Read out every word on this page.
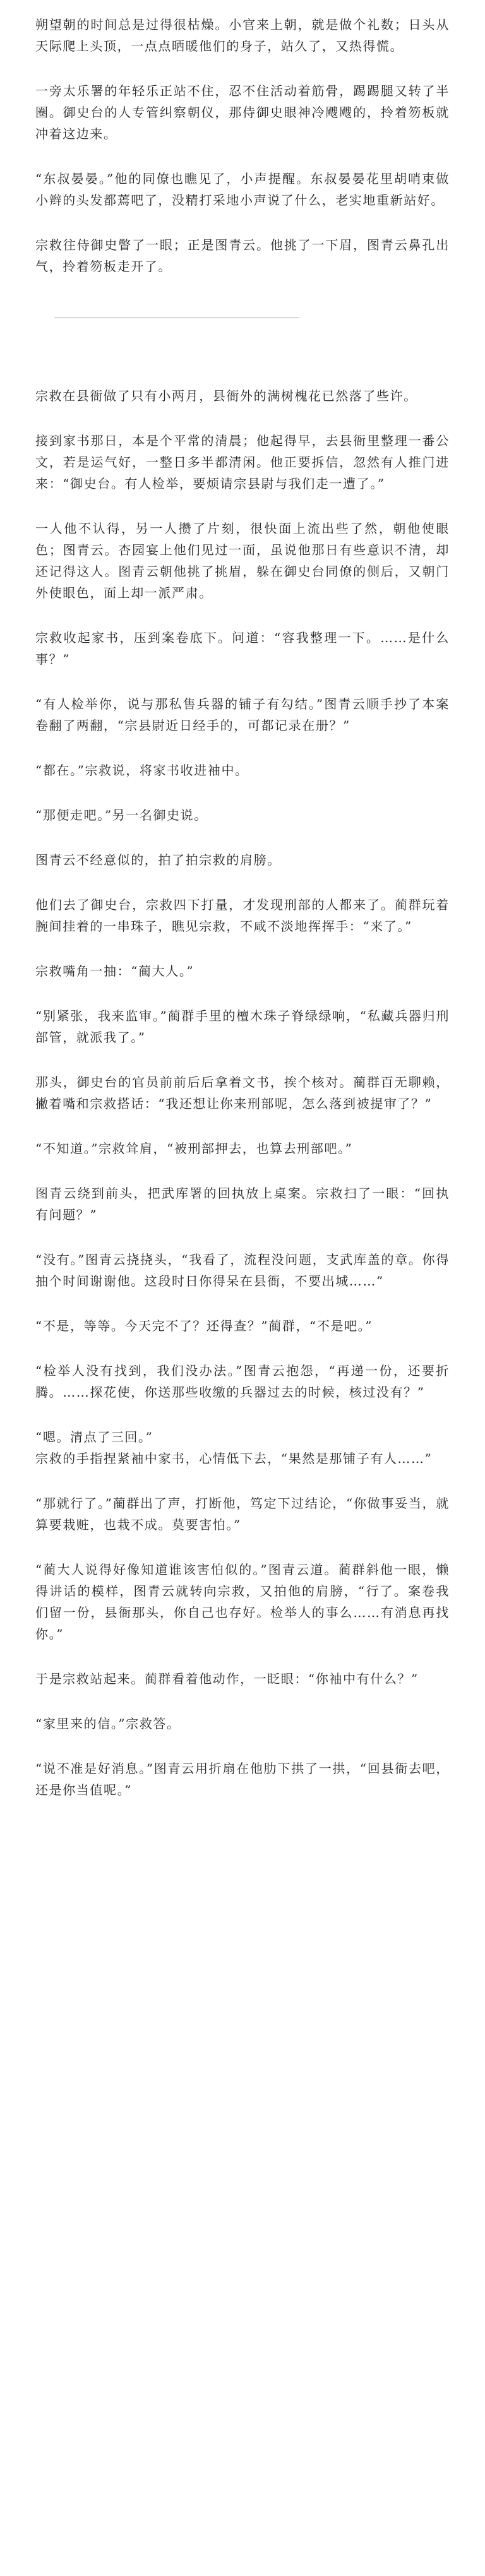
朔望朝的时间总是过得很枯燥。小官来上朝，就是做个礼数；日头从天际爬上头顶，一点点晒暖他们的身子，站久了，又热得慌。

一旁太乐署的年轻乐正站不住，忍不住活动着筋骨，踢踢腿又转了半圈。御史台的人专管纠察朝仪，那侍御史眼神冷飕飕的，拎着笏板就冲着这边来。

“东叔晏晏。”他的同僚也瞧见了，小声提醒。东叔晏晏花里胡哨束做小辫的头发都蔫吧了，没精打采地小声说了什么，老实地重新站好。

宗救往侍御史瞥了一眼；正是图青云。他挑了一下眉，图青云鼻孔出气，拎着笏板走开了。

宗救在县衙做了只有小两月，县衙外的满树槐花已然落了些许。

接到家书那日，本是个平常的清晨；他起得早，去县衙里整理一番公文，若是运气好，一整日多半都清闲。他正要拆信，忽然有人推门进来：“御史台。有人检举，要烦请宗县尉与我们走一遭了。”

一人他不认得，另一人攒了片刻，很快面上流出些了然，朝他使眼色；图青云。杏园宴上他们见过一面，虽说他那日有些意识不清，却还记得这人。图青云朝他挑了挑眉，躲在御史台同僚的侧后，又朝门外使眼色，面上却一派严肃。

宗救收起家书，压到案卷底下。问道：“容我整理一下。……是什么事？”

“有人检举你，说与那私售兵器的铺子有勾结。”图青云顺手抄了本案卷翻了两翻，“宗县尉近日经手的，可都记录在册？”

“都在。”宗救说，将家书收进袖中。

“那便走吧。”另一名御史说。

图青云不经意似的，拍了拍宗救的肩膀。

他们去了御史台，宗救四下打量，才发现刑部的人都来了。蔺群玩着腕间挂着的一串珠子，瞧见宗救，不咸不淡地挥挥手：“来了。”

宗救嘴角一抽：“蔺大人。”

“别紧张，我来监审。”蔺群手里的檀木珠子脊绿绿响，“私藏兵器归刑部管，就派我了。”

那头，御史台的官员前前后后拿着文书，挨个核对。蔺群百无聊赖，撇着嘴和宗救搭话：“我还想让你来刑部呢，怎么落到被提审了？”

“不知道。”宗救耸肩，“被刑部押去，也算去刑部吧。”

图青云绕到前头，把武库署的回执放上桌案。宗救扫了一眼：“回执有问题？”

“没有。”图青云挠挠头，“我看了，流程没问题，支武库盖的章。你得抽个时间谢谢他。这段时日你得呆在县衙，不要出城……”

“不是，等等。今天完不了？还得查？”蔺群，“不是吧。”

“检举人没有找到，我们没办法。”图青云抱怨，“再递一份，还要折腾。……探花使，你送那些收缴的兵器过去的时候，核过没有？”

“嗯。清点了三回。”

宗救的手指捏紧袖中家书，心情低下去，“果然是那铺子有人……”

“那就行了。”蔺群出了声，打断他，笃定下过结论，“你做事妥当，就算要栽赃，也栽不成。莫要害怕。”

“蔺大人说得好像知道谁该害怕似的。”图青云道。蔺群斜他一眼，懒得讲话的模样，图青云就转向宗救，又拍他的肩膀，“行了。案卷我们留一份，县衙那头，你自己也存好。检举人的事么……有消息再找你。”

于是宗救站起来。蔺群看着他动作，一眨眼：“你袖中有什么？”

“家里来的信。”宗救答。

“说不准是好消息。”图青云用折扇在他肋下拱了一拱，“回县衙去吧，还是你当值呢。”
